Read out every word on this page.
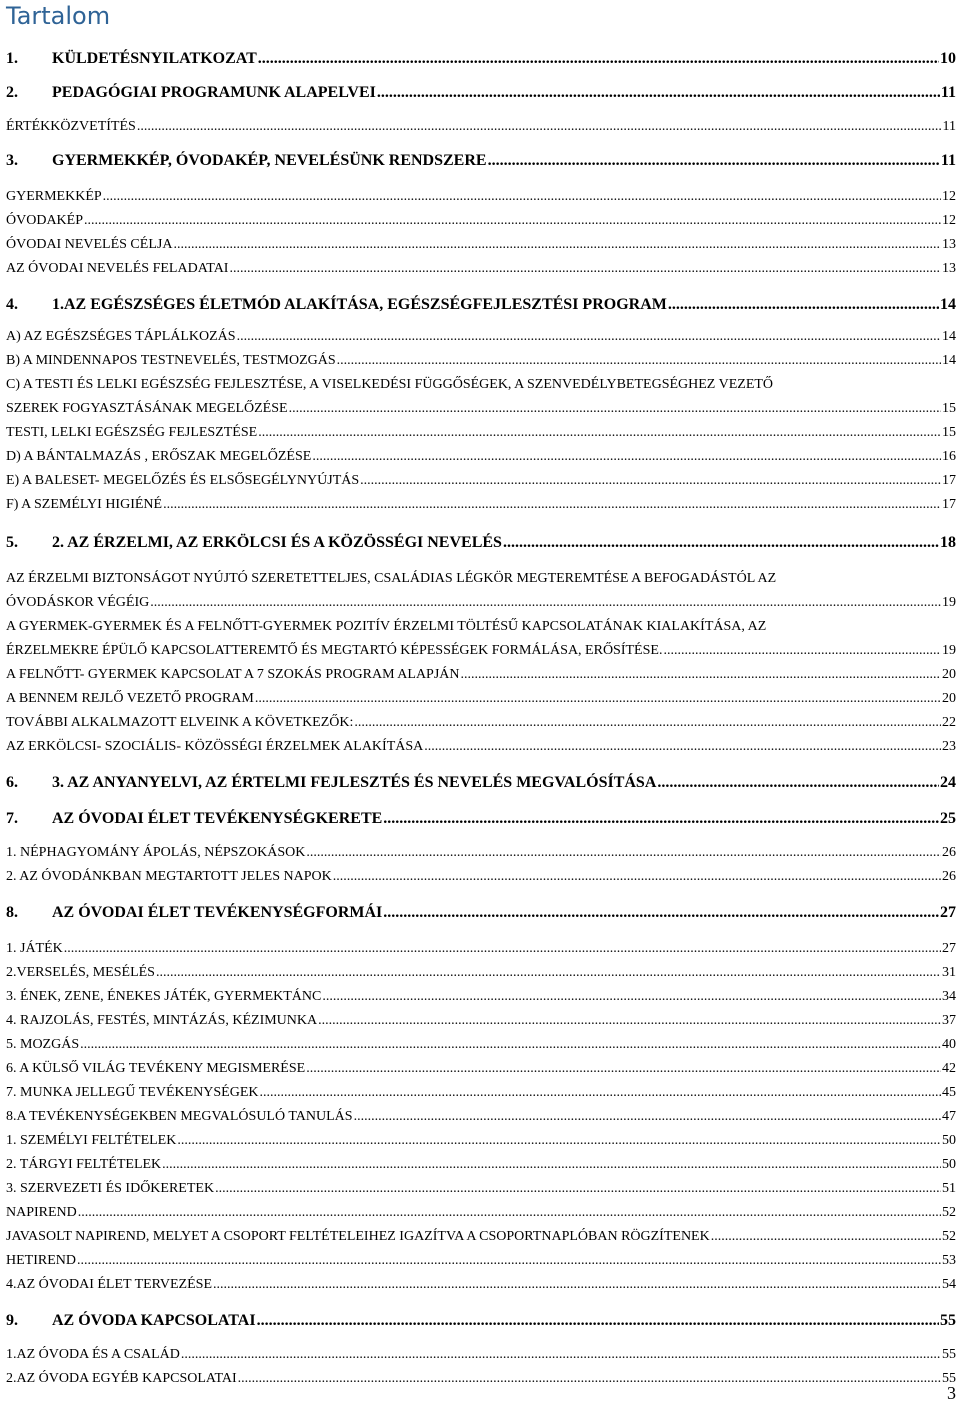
Tartalom
1.	KÜLDETÉSNYILATKOZAT .....	10
2.	PEDAGÓGIAI PROGRAMUNK ALAPELVEI .....	11
ÉRTÉKKÖZVETÍTÉS .....	11
3.	GYERMEKKÉP, ÓVODAKÉP, NEVELÉSÜNK RENDSZERE .....	11
GYERMEKKÉP .....	12
ÓVODAKÉP .....	12
ÓVODAI NEVELÉS CÉLJA .....	13
AZ ÓVODAI NEVELÉS FELADATAI .....	13
4.	1.AZ EGÉSZSÉGES ÉLETMÓD ALAKÍTÁSA, EGÉSZSÉGFEJLESZTÉSI PROGRAM .....	14
A) AZ EGÉSZSÉGES TÁPLÁLKOZÁS .....	14
B) A MINDENNAPOS TESTNEVELÉS, TESTMOZGÁS .....	14
C) A TESTI ÉS LELKI EGÉSZSÉG FEJLESZTÉSE, A VISELKEDÉSI FÜGGŐSÉGEK, A SZENVEDÉLYBETEGSÉGHEZ VEZETŐ
SZEREK FOGYASZTÁSÁNAK MEGELŐZÉSE .....	15
TESTI, LELKI EGÉSZSÉG FEJLESZTÉSE .....	15
D) A BÁNTALMAZÁS , ERŐSZAK MEGELŐZÉSE .....	16
E) A BALESET- MEGELŐZÉS ÉS ELSŐSEGÉLYNYÚJTÁS .....	17
F) A SZEMÉLYI HIGIÉNÉ .....	17
5.	2. AZ ÉRZELMI, AZ ERKÖLCSI ÉS A KÖZÖSSÉGI NEVELÉS .....	18
AZ ÉRZELMI BIZTONSÁGOT NYÚJTÓ SZERETETTELJES, CSALÁDIAS LÉGKÖR MEGTEREMTÉSE A BEFOGADÁSTÓL AZ
ÓVODÁSKOR VÉGÉIG .....	19
A GYERMEK-GYERMEK ÉS A FELNŐTT-GYERMEK POZITÍV ÉRZELMI TÖLTÉSŰ KAPCSOLATÁNAK KIALAKÍTÁSA, AZ
ÉRZELMEKRE ÉPÜLŐ KAPCSOLATTEREMTŐ ÉS MEGTARTÓ KÉPESSÉGEK FORMÁLÁSA, ERŐSÍTÉSE. .....	19
A FELNŐTT- GYERMEK KAPCSOLAT A 7 SZOKÁS PROGRAM ALAPJÁN .....	20
A BENNEM REJLŐ VEZETŐ PROGRAM .....	20
TOVÁBBI ALKALMAZOTT ELVEINK A KÖVETKEZŐK: .....	22
AZ ERKÖLCSI- SZOCIÁLIS- KÖZÖSSÉGI ÉRZELMEK ALAKÍTÁSA .....	23
6.	3. AZ ANYANYELVI, AZ ÉRTELMI FEJLESZTÉS ÉS NEVELÉS MEGVALÓSÍTÁSA .....	24
7.	AZ ÓVODAI ÉLET TEVÉKENYSÉGKERETE .....	25
1. NÉPHAGYOMÁNY ÁPOLÁS, NÉPSZOKÁSOK .....	26
2. AZ ÓVODÁNKBAN MEGTARTOTT JELES NAPOK .....	26
8.	AZ ÓVODAI ÉLET TEVÉKENYSÉGFORMÁI .....	27
1. JÁTÉK .....	27
2.VERSELÉS, MESÉLÉS .....	31
3. ÉNEK, ZENE, ÉNEKES JÁTÉK, GYERMEKTÁNC .....	34
4. RAJZOLÁS, FESTÉS, MINTÁZÁS, KÉZIMUNKA .....	37
5. MOZGÁS .....	40
6. A KÜLSŐ VILÁG TEVÉKENY MEGISMERÉSE .....	42
7. MUNKA JELLEGŰ TEVÉKENYSÉGEK .....	45
8.A TEVÉKENYSÉGEKBEN MEGVALÓSULÓ TANULÁS .....	47
1. SZEMÉLYI FELTÉTELEK .....	50
2. TÁRGYI FELTÉTELEK .....	50
3. SZERVEZETI ÉS IDŐKERETEK .....	51
NAPIREND .....	52
JAVASOLT NAPIREND, MELYET A CSOPORT FELTÉTELEIHEZ IGAZÍTVA A CSOPORTNAPLÓBAN RÖGZÍTENEK .....	52
HETIREND .....	53
4.AZ ÓVODAI ÉLET TERVEZÉSE .....	54
9.	AZ ÓVODA KAPCSOLATAI .....	55
1.AZ ÓVODA ÉS A CSALÁD .....	55
2.AZ ÓVODA EGYÉB KAPCSOLATAI .....	55
3
